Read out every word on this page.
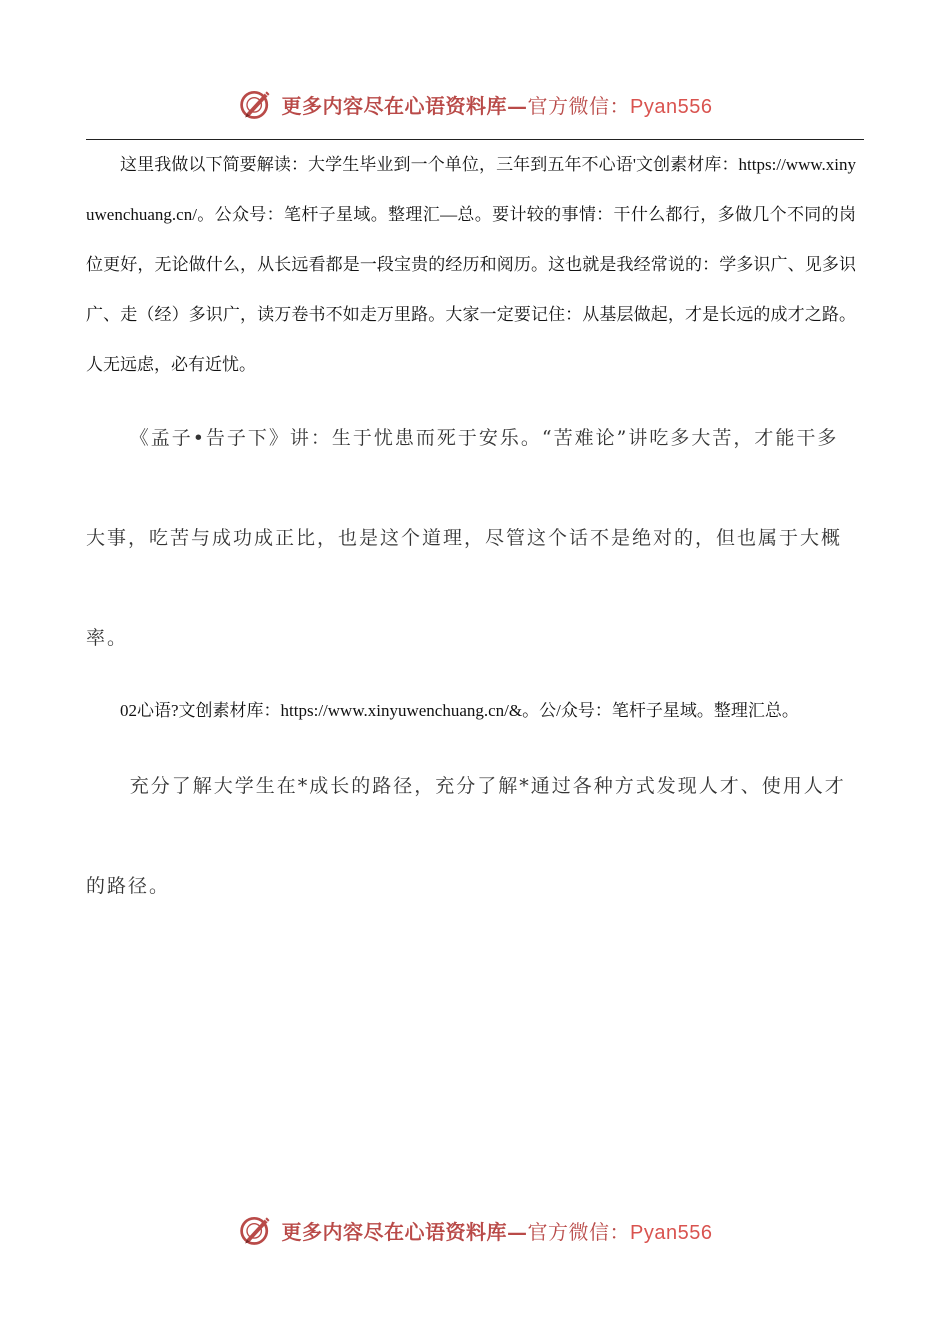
更多内容尽在心语资料库—官方微信：Pyan556

这里我做以下简要解读：大学生毕业到一个单位，三年到五年不心语'文创素材库：https://www.xinyuwenchuang.cn/。公众号：笔杆子星域。整理汇—总。要计较的事情：干什么都行，多做几个不同的岗位更好，无论做什么，从长远看都是一段宝贵的经历和阅历。这也就是我经常说的：学多识广、见多识广、走（经）多识广，读万卷书不如走万里路。大家一定要记住：从基层做起，才是长远的成才之路。人无远虑，必有近忧。

《孟子•告子下》讲：生于忧患而死于安乐。“苦难论”讲吃多大苦，才能干多大事，吃苦与成功成正比，也是这个道理，尽管这个话不是绝对的，但也属于大概率。

02心语?文创素材库：https://www.xinyuwenchuang.cn/&。公/众号：笔杆子星域。整理汇总。

充分了解大学生在*成长的路径，充分了解*通过各种方式发现人才、使用人才的路径。

更多内容尽在心语资料库—官方微信：Pyan556
